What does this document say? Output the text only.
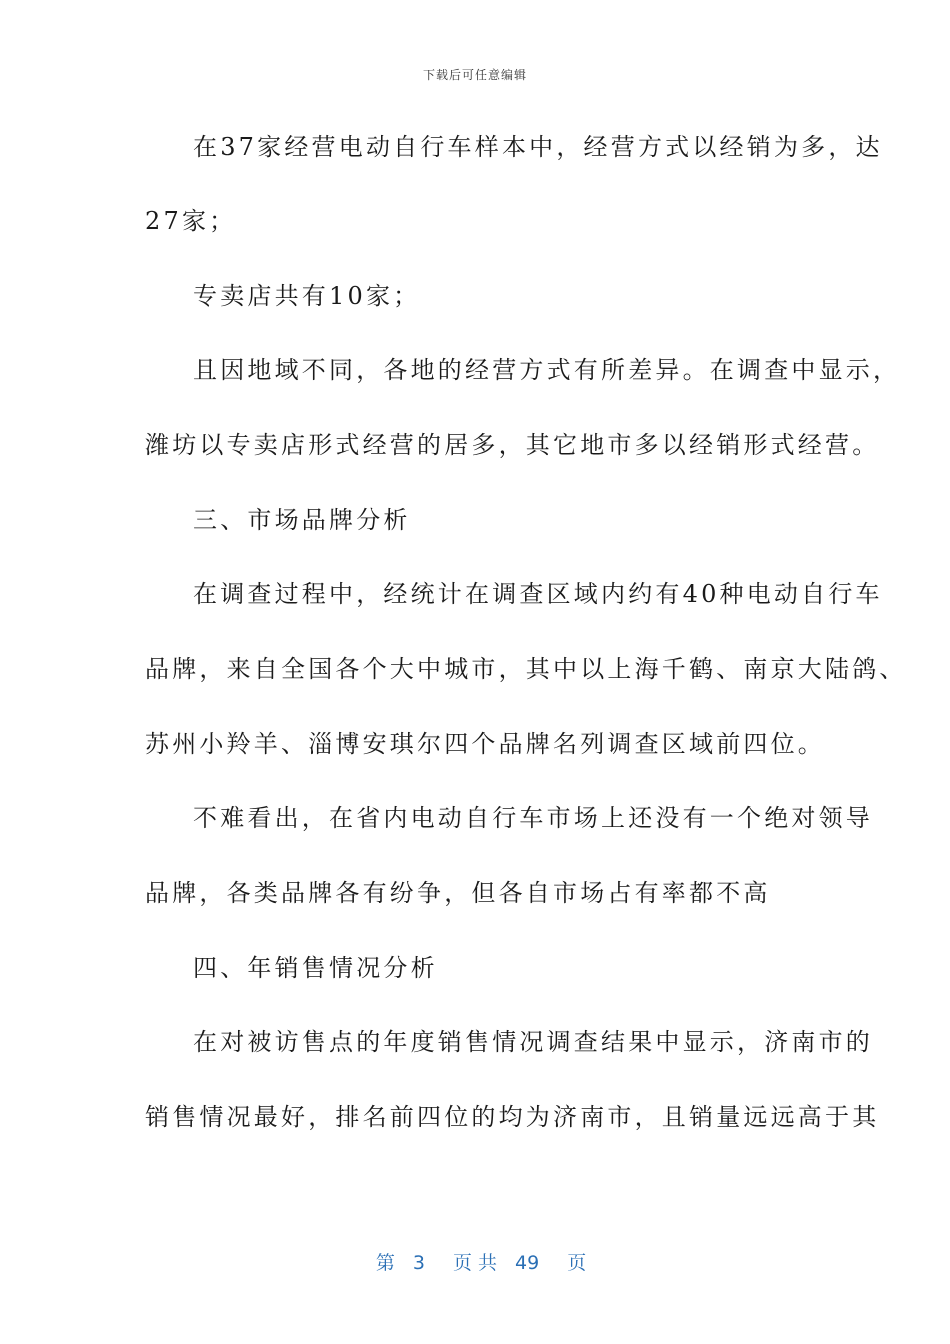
下载后可任意编辑
在37家经营电动自行车样本中，经营方式以经销为多，达
27家；
专卖店共有10家；
且因地域不同，各地的经营方式有所差异。在调查中显示，
潍坊以专卖店形式经营的居多，其它地市多以经销形式经营。
三、市场品牌分析
在调查过程中，经统计在调查区域内约有40种电动自行车
品牌，来自全国各个大中城市，其中以上海千鹤、南京大陆鸽、
苏州小羚羊、淄博安琪尔四个品牌名列调查区域前四位。
不难看出，在省内电动自行车市场上还没有一个绝对领导
品牌，各类品牌各有纷争，但各自市场占有率都不高
四、年销售情况分析
在对被访售点的年度销售情况调查结果中显示，济南市的
销售情况最好，排名前四位的均为济南市，且销量远远高于其

第 3 页 共 49 页
